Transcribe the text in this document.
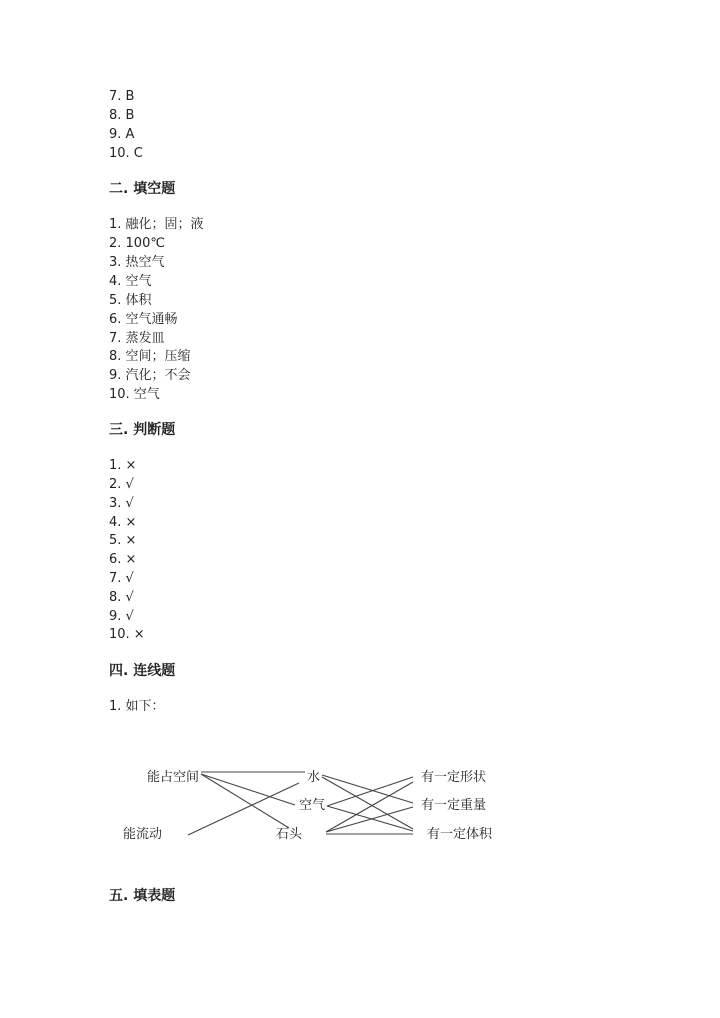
7. B
8. B
9. A
10. C
二. 填空题
1. 融化；固；液
2. 100℃
3. 热空气
4. 空气
5. 体积
6. 空气通畅
7. 蒸发皿
8. 空间；压缩
9. 汽化；不会
10. 空气
三. 判断题
1. ×
2. √
3. √
4. ×
5. ×
6. ×
7. √
8. √
9. √
10. ×
四. 连线题
1. 如下：
能占空间
能流动
水
空气
石头
有一定形状
有一定重量
有一定体积
五. 填表题
